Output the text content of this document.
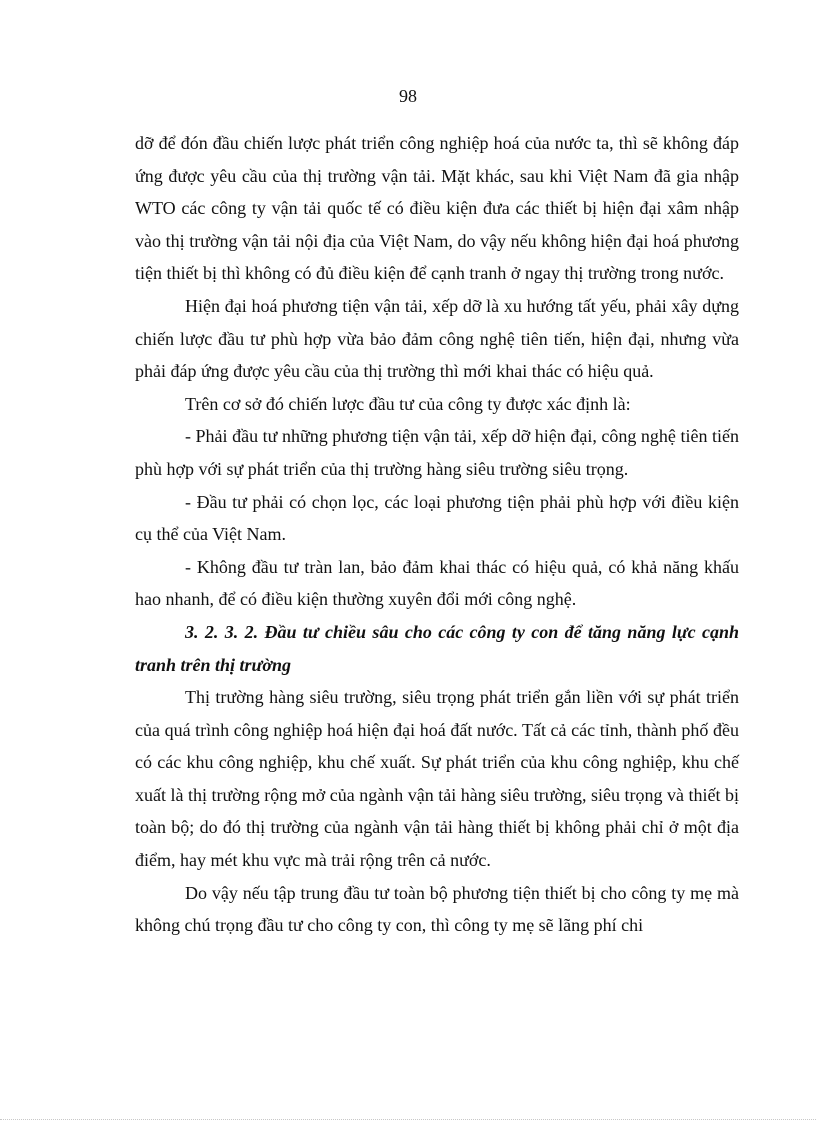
98

dỡ để đón đầu chiến lược phát triển công nghiệp hoá của nước ta, thì sẽ không đáp ứng được yêu cầu của thị trường vận tải. Mặt khác, sau khi Việt Nam đã gia nhập WTO các công ty vận tải quốc tế có điều kiện đưa các thiết bị hiện đại xâm nhập vào thị trường vận tải nội địa của Việt Nam, do vậy nếu không hiện đại hoá phương tiện thiết bị thì không có đủ điều kiện để cạnh tranh ở ngay thị trường trong nước.

Hiện đại hoá phương tiện vận tải, xếp dỡ là xu hướng tất yếu, phải xây dựng chiến lược đầu tư phù hợp vừa bảo đảm công nghệ tiên tiến, hiện đại, nhưng vừa phải đáp ứng được yêu cầu của thị trường thì mới khai thác có hiệu quả.

Trên cơ sở đó chiến lược đầu tư của công ty được xác định là:

- Phải đầu tư những phương tiện vận tải, xếp dỡ hiện đại, công nghệ tiên tiến phù hợp với sự phát triển của thị trường hàng siêu trường siêu trọng.

- Đầu tư phải có chọn lọc, các loại phương tiện phải phù hợp với điều kiện cụ thể của Việt Nam.

- Không đầu tư tràn lan, bảo đảm khai thác có hiệu quả, có khả năng khấu hao nhanh, để có điều kiện thường xuyên đổi mới công nghệ.

3. 2. 3. 2. Đầu tư chiều sâu cho các công ty con để tăng năng lực cạnh tranh trên thị trường

Thị trường hàng siêu trường, siêu trọng phát triển gắn liền với sự phát triển của quá trình công nghiệp hoá hiện đại hoá đất nước. Tất cả các tỉnh, thành phố đều có các khu công nghiệp, khu chế xuất. Sự phát triển của khu công nghiệp, khu chế xuất là thị trường rộng mở của ngành vận tải hàng siêu trường, siêu trọng và thiết bị toàn bộ; do đó thị trường của ngành vận tải hàng thiết bị không phải chỉ ở một địa điểm, hay mét khu vực mà trải rộng trên cả nước.

Do vậy nếu tập trung đầu tư toàn bộ phương tiện thiết bị cho công ty mẹ mà không chú trọng đầu tư cho công ty con, thì công ty mẹ sẽ lãng phí chi
